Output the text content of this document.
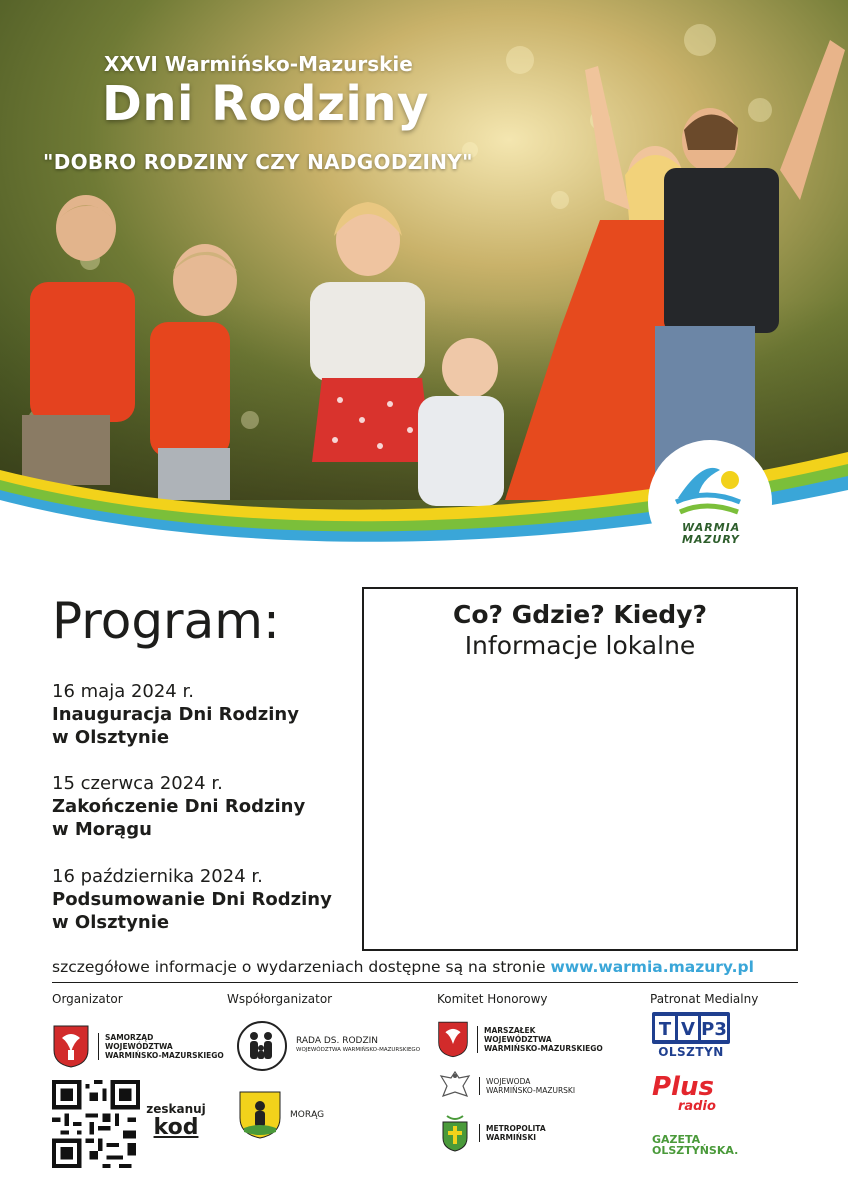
XXVI Warmińsko-Mazurskie
Dni Rodziny
"DOBRO RODZINY CZY NADGODZINY"
WARMIA
MAZURY
Program:
16 maja 2024 r.
Inauguracja Dni Rodziny
w Olsztynie
15 czerwca 2024 r.
Zakończenie Dni Rodziny
w Morągu
16 października 2024 r.
Podsumowanie Dni Rodziny
w Olsztynie
Co? Gdzie? Kiedy?
Informacje lokalne
szczegółowe informacje o wydarzeniach dostępne są na stronie www.warmia.mazury.pl
Organizator	Współorganizator	Komitet Honorowy	Patronat Medialny
SAMORZĄD
WOJEWÓDZTWA
WARMIŃSKO-MAZURSKIEGO
zeskanuj
kod
RADA DS. RODZIN
WOJEWÓDZTWA WARMIŃSKO-MAZURSKIEGO
MORĄG
MARSZAŁEK
WOJEWÓDZTWA
WARMIŃSKO-MAZURSKIEGO
WOJEWODA
WARMIŃSKO-MAZURSKI
METROPOLITA
WARMIŃSKI
T V P3
OLSZTYN
Plus
radio
GAZETA
OLSZTYŃSKA.
